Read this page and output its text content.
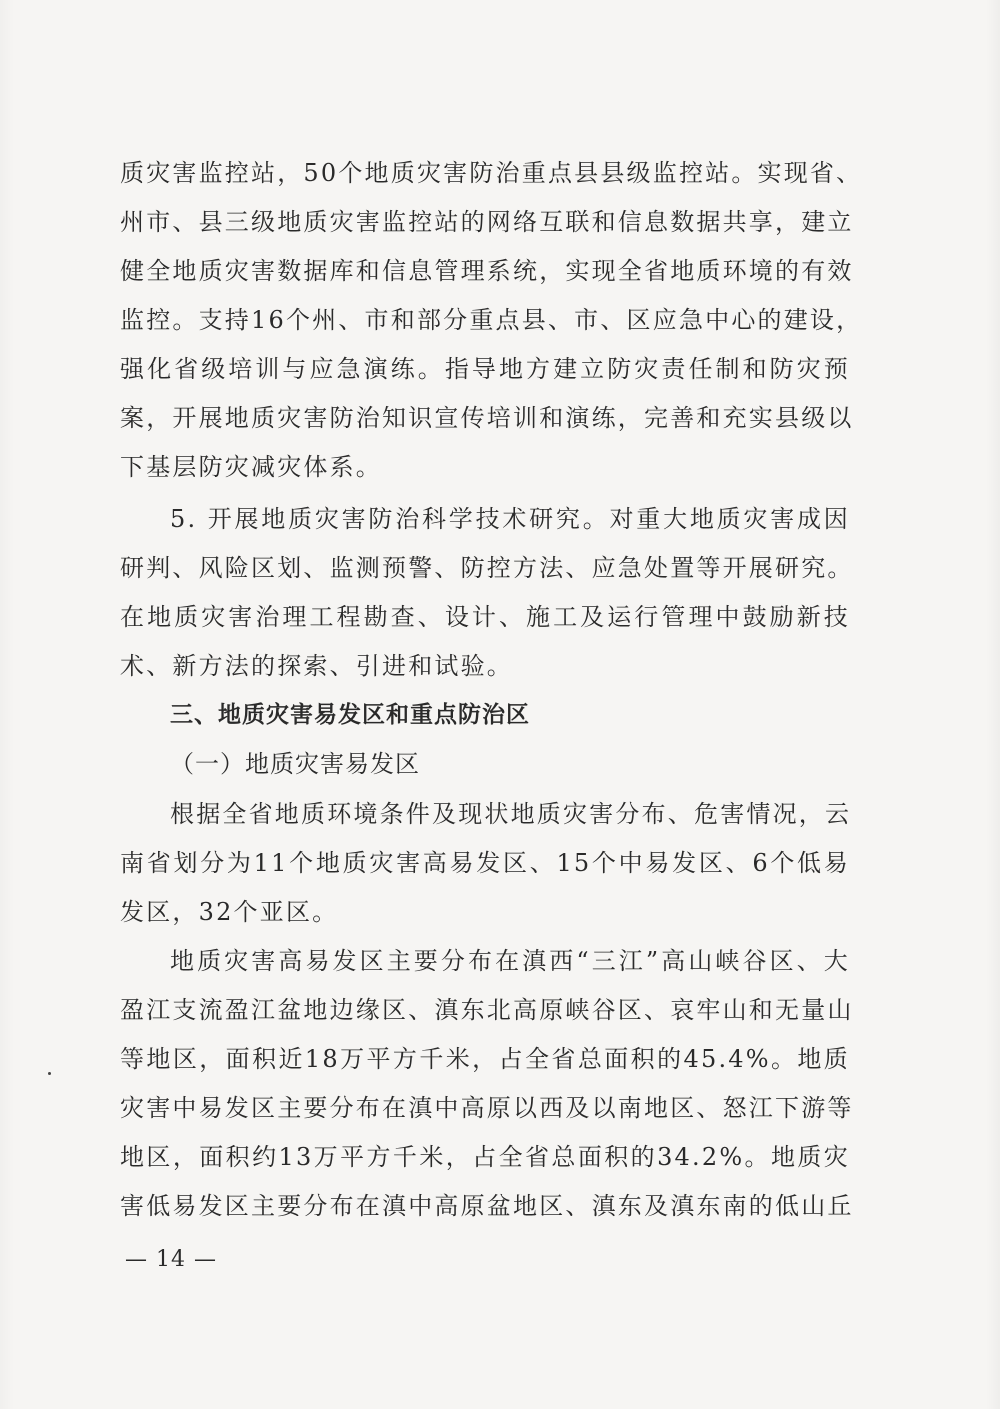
质灾害监控站，50个地质灾害防治重点县县级监控站。实现省、
州市、县三级地质灾害监控站的网络互联和信息数据共享，建立
健全地质灾害数据库和信息管理系统，实现全省地质环境的有效
监控。支持16个州、市和部分重点县、市、区应急中心的建设，
强化省级培训与应急演练。指导地方建立防灾责任制和防灾预
案，开展地质灾害防治知识宣传培训和演练，完善和充实县级以
下基层防灾减灾体系。
5. 开展地质灾害防治科学技术研究。对重大地质灾害成因
研判、风险区划、监测预警、防控方法、应急处置等开展研究。
在地质灾害治理工程勘查、设计、施工及运行管理中鼓励新技
术、新方法的探索、引进和试验。
三、地质灾害易发区和重点防治区
（一）地质灾害易发区
根据全省地质环境条件及现状地质灾害分布、危害情况，云
南省划分为11个地质灾害高易发区、15个中易发区、6个低易
发区，32个亚区。
地质灾害高易发区主要分布在滇西“三江”高山峡谷区、大
盈江支流盈江盆地边缘区、滇东北高原峡谷区、哀牢山和无量山
等地区，面积近18万平方千米，占全省总面积的45.4%。地质
灾害中易发区主要分布在滇中高原以西及以南地区、怒江下游等
地区，面积约13万平方千米，占全省总面积的34.2%。地质灾
害低易发区主要分布在滇中高原盆地区、滇东及滇东南的低山丘
— 14 —
